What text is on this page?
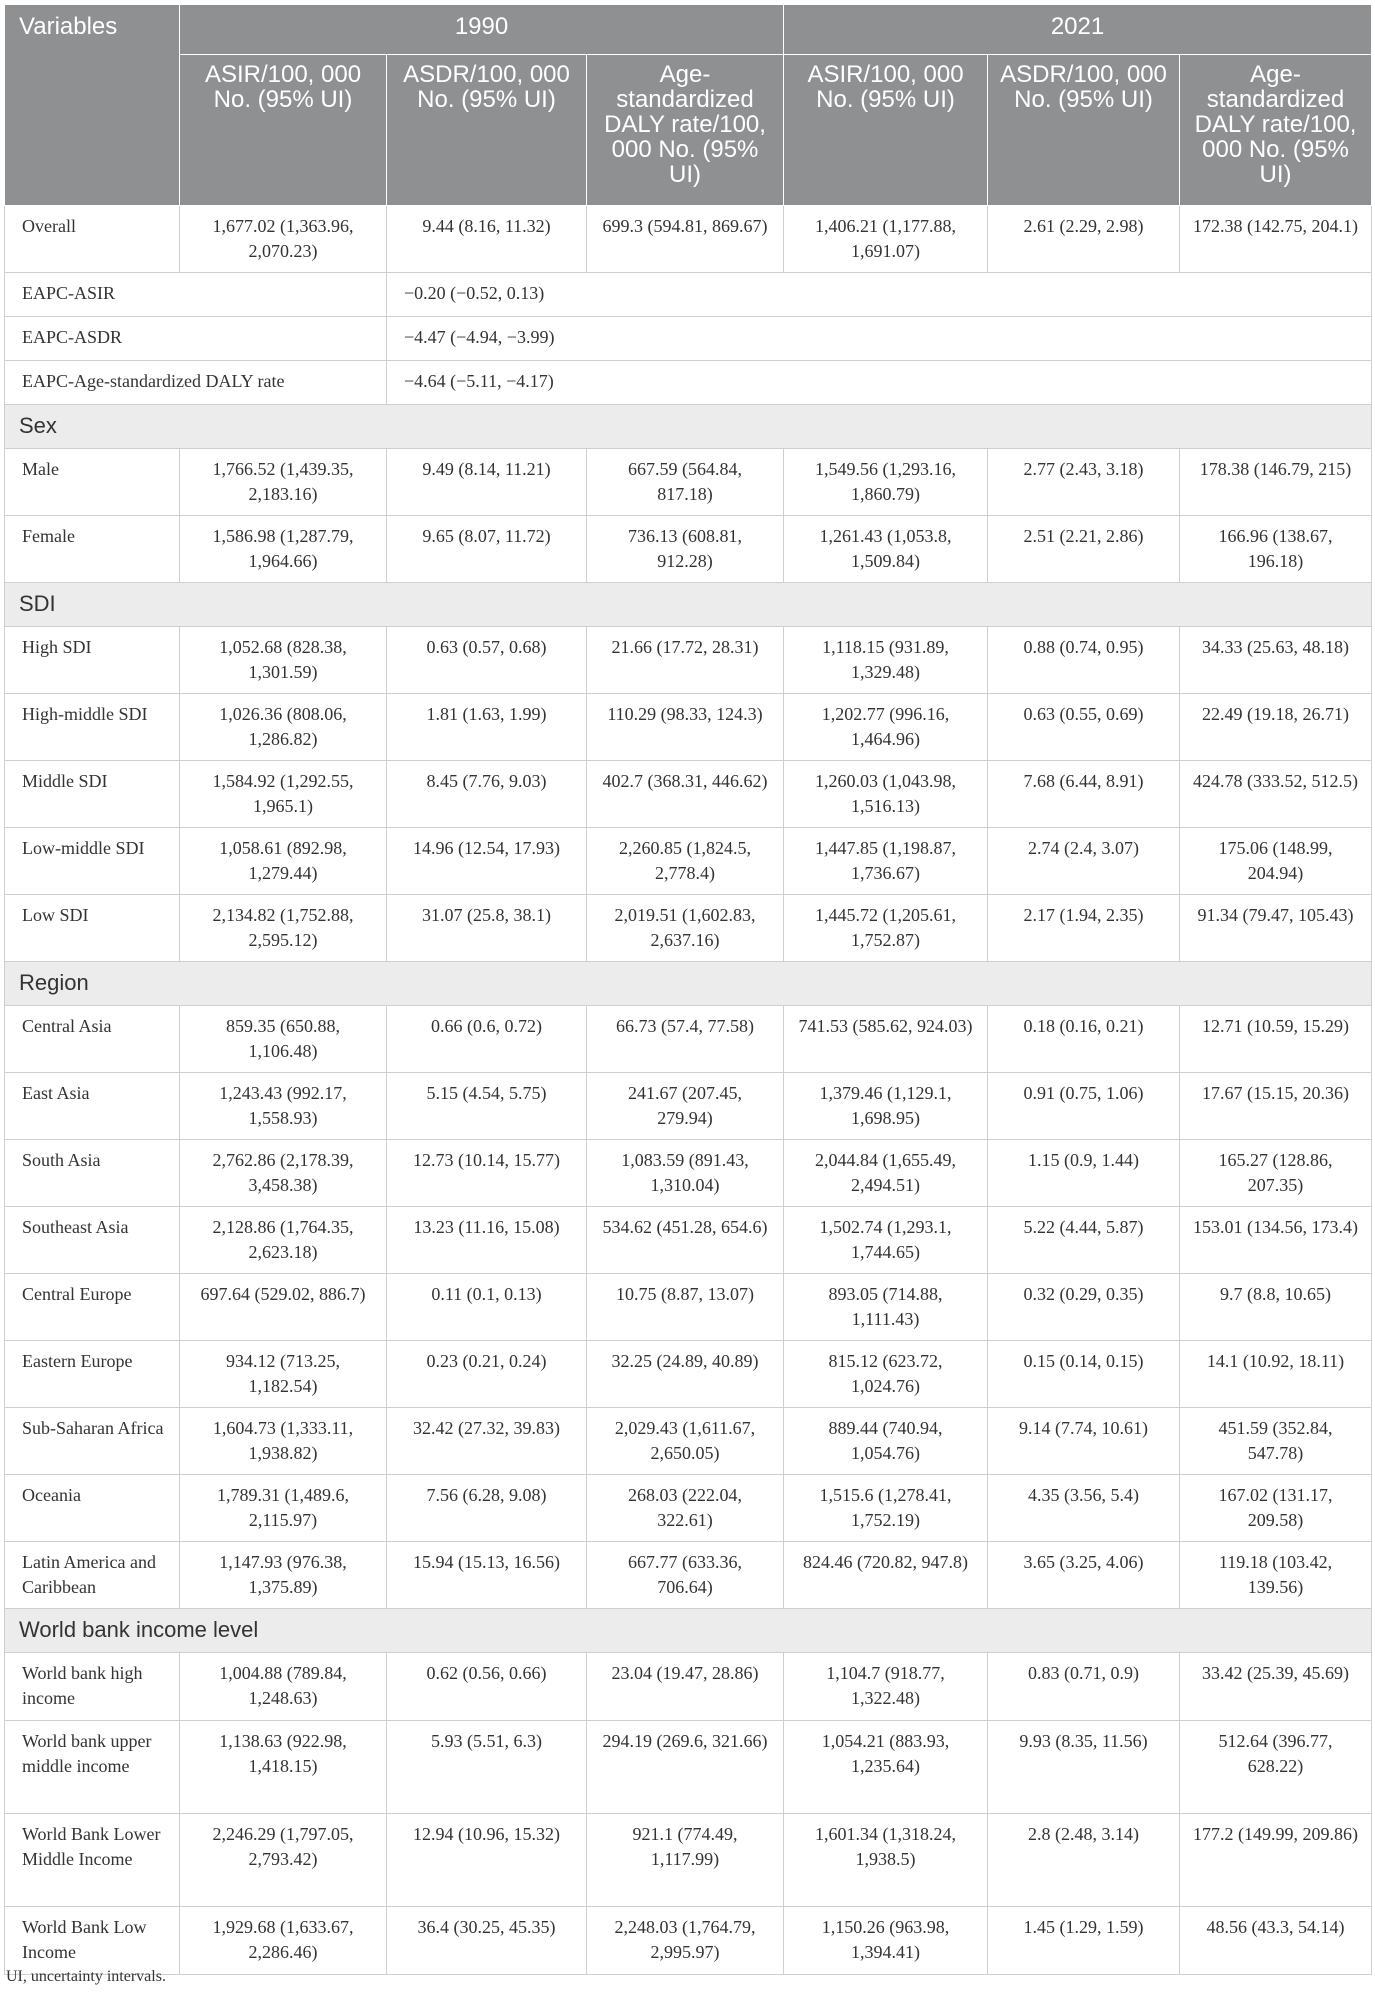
Variables	1990			2021		
	ASIR/100, 000 No. (95% UI)	ASDR/100, 000 No. (95% UI)	Age-standardized DALY rate/100, 000 No. (95% UI)	ASIR/100, 000 No. (95% UI)	ASDR/100, 000 No. (95% UI)	Age-standardized DALY rate/100, 000 No. (95% UI)
Overall	1,677.02 (1,363.96, 2,070.23)	9.44 (8.16, 11.32)	699.3 (594.81, 869.67)	1,406.21 (1,177.88, 1,691.07)	2.61 (2.29, 2.98)	172.38 (142.75, 204.1)
EAPC-ASIR		−0.20 (−0.52, 0.13)				
EAPC-ASDR		−4.47 (−4.94, −3.99)				
EAPC-Age-standardized DALY rate		−4.64 (−5.11, −4.17)				
Sex						
Male	1,766.52 (1,439.35, 2,183.16)	9.49 (8.14, 11.21)	667.59 (564.84, 817.18)	1,549.56 (1,293.16, 1,860.79)	2.77 (2.43, 3.18)	178.38 (146.79, 215)
Female	1,586.98 (1,287.79, 1,964.66)	9.65 (8.07, 11.72)	736.13 (608.81, 912.28)	1,261.43 (1,053.8, 1,509.84)	2.51 (2.21, 2.86)	166.96 (138.67, 196.18)
SDI						
High SDI	1,052.68 (828.38, 1,301.59)	0.63 (0.57, 0.68)	21.66 (17.72, 28.31)	1,118.15 (931.89, 1,329.48)	0.88 (0.74, 0.95)	34.33 (25.63, 48.18)
High-middle SDI	1,026.36 (808.06, 1,286.82)	1.81 (1.63, 1.99)	110.29 (98.33, 124.3)	1,202.77 (996.16, 1,464.96)	0.63 (0.55, 0.69)	22.49 (19.18, 26.71)
Middle SDI	1,584.92 (1,292.55, 1,965.1)	8.45 (7.76, 9.03)	402.7 (368.31, 446.62)	1,260.03 (1,043.98, 1,516.13)	7.68 (6.44, 8.91)	424.78 (333.52, 512.5)
Low-middle SDI	1,058.61 (892.98, 1,279.44)	14.96 (12.54, 17.93)	2,260.85 (1,824.5, 2,778.4)	1,447.85 (1,198.87, 1,736.67)	2.74 (2.4, 3.07)	175.06 (148.99, 204.94)
Low SDI	2,134.82 (1,752.88, 2,595.12)	31.07 (25.8, 38.1)	2,019.51 (1,602.83, 2,637.16)	1,445.72 (1,205.61, 1,752.87)	2.17 (1.94, 2.35)	91.34 (79.47, 105.43)
Region						
Central Asia	859.35 (650.88, 1,106.48)	0.66 (0.6, 0.72)	66.73 (57.4, 77.58)	741.53 (585.62, 924.03)	0.18 (0.16, 0.21)	12.71 (10.59, 15.29)
East Asia	1,243.43 (992.17, 1,558.93)	5.15 (4.54, 5.75)	241.67 (207.45, 279.94)	1,379.46 (1,129.1, 1,698.95)	0.91 (0.75, 1.06)	17.67 (15.15, 20.36)
South Asia	2,762.86 (2,178.39, 3,458.38)	12.73 (10.14, 15.77)	1,083.59 (891.43, 1,310.04)	2,044.84 (1,655.49, 2,494.51)	1.15 (0.9, 1.44)	165.27 (128.86, 207.35)
Southeast Asia	2,128.86 (1,764.35, 2,623.18)	13.23 (11.16, 15.08)	534.62 (451.28, 654.6)	1,502.74 (1,293.1, 1,744.65)	5.22 (4.44, 5.87)	153.01 (134.56, 173.4)
Central Europe	697.64 (529.02, 886.7)	0.11 (0.1, 0.13)	10.75 (8.87, 13.07)	893.05 (714.88, 1,111.43)	0.32 (0.29, 0.35)	9.7 (8.8, 10.65)
Eastern Europe	934.12 (713.25, 1,182.54)	0.23 (0.21, 0.24)	32.25 (24.89, 40.89)	815.12 (623.72, 1,024.76)	0.15 (0.14, 0.15)	14.1 (10.92, 18.11)
Sub-Saharan Africa	1,604.73 (1,333.11, 1,938.82)	32.42 (27.32, 39.83)	2,029.43 (1,611.67, 2,650.05)	889.44 (740.94, 1,054.76)	9.14 (7.74, 10.61)	451.59 (352.84, 547.78)
Oceania	1,789.31 (1,489.6, 2,115.97)	7.56 (6.28, 9.08)	268.03 (222.04, 322.61)	1,515.6 (1,278.41, 1,752.19)	4.35 (3.56, 5.4)	167.02 (131.17, 209.58)
Latin America and Caribbean	1,147.93 (976.38, 1,375.89)	15.94 (15.13, 16.56)	667.77 (633.36, 706.64)	824.46 (720.82, 947.8)	3.65 (3.25, 4.06)	119.18 (103.42, 139.56)
World bank income level						
World bank high income	1,004.88 (789.84, 1,248.63)	0.62 (0.56, 0.66)	23.04 (19.47, 28.86)	1,104.7 (918.77, 1,322.48)	0.83 (0.71, 0.9)	33.42 (25.39, 45.69)
World bank upper middle income	1,138.63 (922.98, 1,418.15)	5.93 (5.51, 6.3)	294.19 (269.6, 321.66)	1,054.21 (883.93, 1,235.64)	9.93 (8.35, 11.56)	512.64 (396.77, 628.22)
World Bank Lower Middle Income	2,246.29 (1,797.05, 2,793.42)	12.94 (10.96, 15.32)	921.1 (774.49, 1,117.99)	1,601.34 (1,318.24, 1,938.5)	2.8 (2.48, 3.14)	177.2 (149.99, 209.86)
World Bank Low Income	1,929.68 (1,633.67, 2,286.46)	36.4 (30.25, 45.35)	2,248.03 (1,764.79, 2,995.97)	1,150.26 (963.98, 1,394.41)	1.45 (1.29, 1.59)	48.56 (43.3, 54.14)
UI, uncertainty intervals.
